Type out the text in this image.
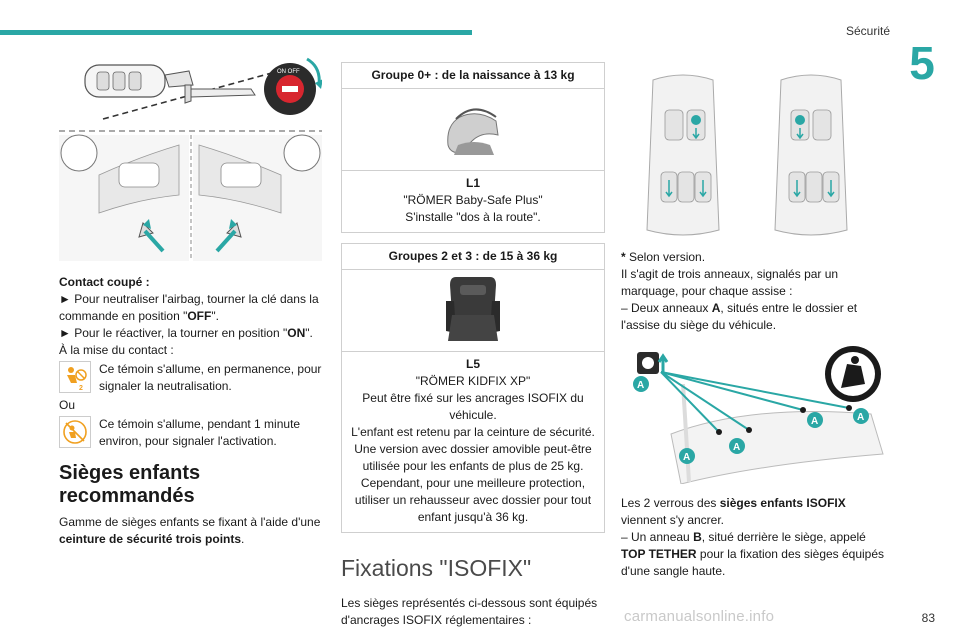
Sécurité
5
83
carmanualsonline.info
ON OFF

Contact coupé :

► Pour neutraliser l'airbag, tourner la clé dans la commande en position "OFF".

► Pour le réactiver, la tourner en position "ON".

À la mise du contact :

2
Ce témoin s'allume, en permanence, pour signaler la neutralisation.

Ou

Ce témoin s'allume, pendant 1 minute environ, pour signaler l'activation.
Sièges enfants recommandés

Gamme de sièges enfants se fixant à l'aide d'une ceinture de sécurité trois points.

Groupe 0+ : de la naissance à 13 kg
L1
"RÖMER Baby-Safe Plus"
S'installe "dos à la route".
Groupes 2 et 3 : de 15 à 36 kg
L5
"RÖMER KIDFIX XP"
Peut être fixé sur les ancrages ISOFIX du véhicule.
L'enfant est retenu par la ceinture de sécurité.
Une version avec dossier amovible peut-être utilisée pour les enfants de plus de 25 kg.
Cependant, pour une meilleure protection, utiliser un rehausseur avec dossier pour tout enfant jusqu'à 36 kg.
Fixations "ISOFIX"

Les sièges représentés ci-dessous sont équipés d'ancrages ISOFIX réglementaires :

* Selon version.

Il s'agit de trois anneaux, signalés par un marquage, pour chaque assise :

– Deux anneaux A, situés entre le dossier et l'assise du siège du véhicule.

A
A
A
A	A

Les 2 verrous des sièges enfants ISOFIX viennent s'y ancrer.

– Un anneau B, situé derrière le siège, appelé TOP TETHER pour la fixation des sièges équipés d'une sangle haute.
